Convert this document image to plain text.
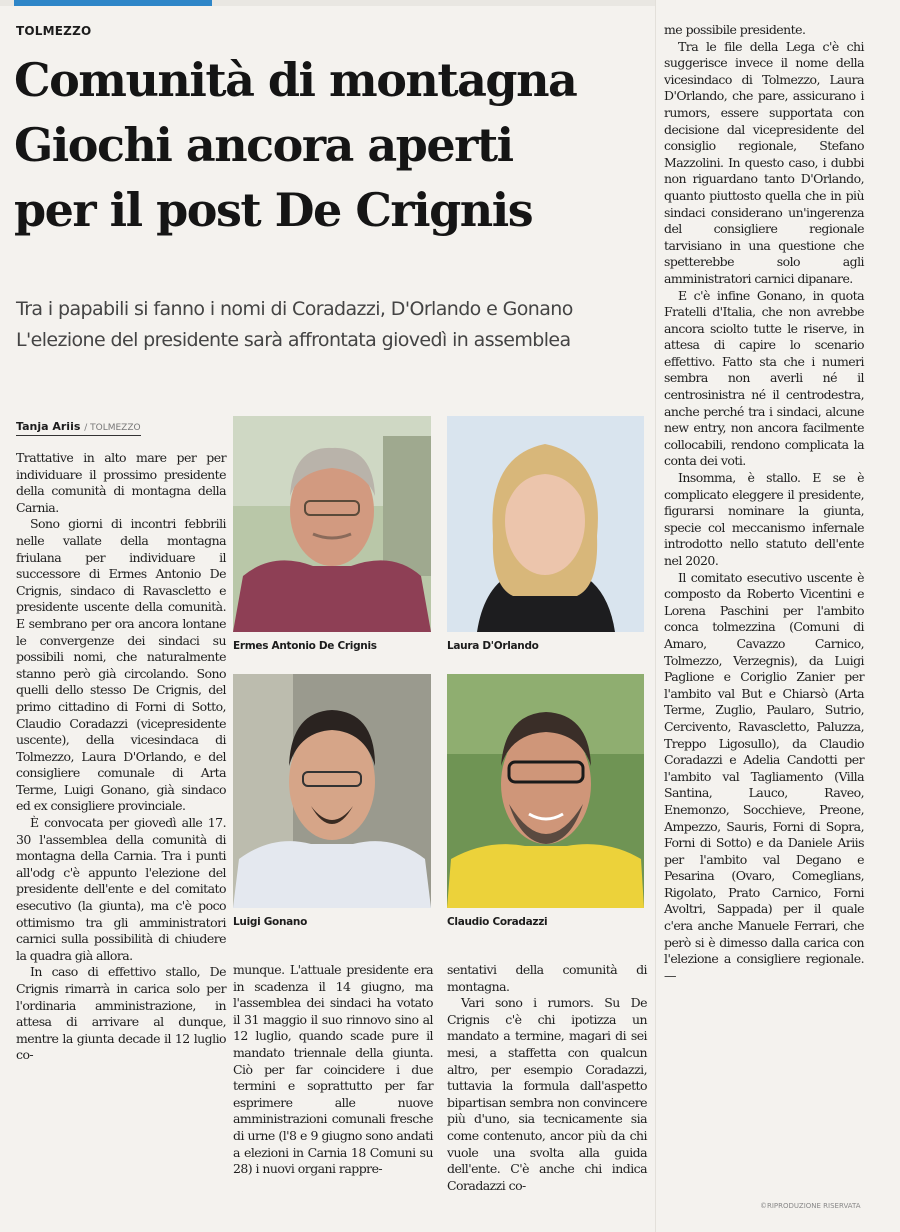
TOLMEZZO
Comunità di montagna
Giochi ancora aperti
per il post De Crignis
Tra i papabili si fanno i nomi di Coradazzi, D'Orlando e Gonano
L'elezione del presidente sarà affrontata giovedì in assemblea
Tanja Ariis / TOLMEZZO

Trattative in alto mare per per individuare il prossimo presidente della comunità di montagna della Carnia.

Sono giorni di incontri febbrili nelle vallate della montagna friulana per individuare il successore di Ermes Antonio De Crignis, sindaco di Ravascletto e presidente uscente della comunità. E sembrano per ora ancora lontane le convergenze dei sindaci su possibili nomi, che naturalmente stanno però già circolando. Sono quelli dello stesso De Crignis, del primo cittadino di Forni di Sotto, Claudio Coradazzi (vicepresidente uscente), della vicesindaca di Tolmezzo, Laura D'Orlando, e del consigliere comunale di Arta Terme, Luigi Gonano, già sindaco ed ex consigliere provinciale.

È convocata per giovedì alle 17. 30 l'assemblea della comunità di montagna della Carnia. Tra i punti all'odg c'è appunto l'elezione del presidente dell'ente e del comitato esecutivo (la giunta), ma c'è poco ottimismo tra gli amministratori carnici sulla possibilità di chiudere la quadra già allora.

In caso di effettivo stallo, De Crignis rimarrà in carica solo per l'ordinaria amministrazione, in attesa di arrivare al dunque, mentre la giunta decade il 12 luglio co-

Ermes Antonio De Crignis	Laura D'Orlando
Luigi Gonano	Claudio Coradazzi

munque. L'attuale presidente era in scadenza il 14 giugno, ma l'assemblea dei sindaci ha votato il 31 maggio il suo rinnovo sino al 12 luglio, quando scade pure il mandato triennale della giunta. Ciò per far coincidere i due termini e soprattutto per far esprimere alle nuove amministrazioni comunali fresche di urne (l'8 e 9 giugno sono andati a elezioni in Carnia 18 Comuni su 28) i nuovi organi rappre-

sentativi della comunità di montagna.

Vari sono i rumors. Su De Crignis c'è chi ipotizza un mandato a termine, magari di sei mesi, a staffetta con qualcun altro, per esempio Coradazzi, tuttavia la formula dall'aspetto bipartisan sembra non convincere più d'uno, sia tecnicamente sia come contenuto, ancor più da chi vuole una svolta alla guida dell'ente. C'è anche chi indica Coradazzi co-

me possibile presidente.

Tra le file della Lega c'è chi suggerisce invece il nome della vicesindaco di Tolmezzo, Laura D'Orlando, che pare, assicurano i rumors, essere supportata con decisione dal vicepresidente del consiglio regionale, Stefano Mazzolini. In questo caso, i dubbi non riguardano tanto D'Orlando, quanto piuttosto quella che in più sindaci considerano un'ingerenza del consigliere regionale tarvisiano in una questione che spetterebbe solo agli amministratori carnici dipanare.

E c'è infine Gonano, in quota Fratelli d'Italia, che non avrebbe ancora sciolto tutte le riserve, in attesa di capire lo scenario effettivo. Fatto sta che i numeri sembra non averli né il centrosinistra né il centrodestra, anche perché tra i sindaci, alcune new entry, non ancora facilmente collocabili, rendono complicata la conta dei voti.

Insomma, è stallo. E se è complicato eleggere il presidente, figurarsi nominare la giunta, specie col meccanismo infernale introdotto nello statuto dell'ente nel 2020.

Il comitato esecutivo uscente è composto da Roberto Vicentini e Lorena Paschini per l'ambito conca tolmezzina (Comuni di Amaro, Cavazzo Carnico, Tolmezzo, Verzegnis), da Luigi Paglione e Coriglio Zanier per l'ambito val But e Chiarsò (Arta Terme, Zuglio, Paularo, Sutrio, Cercivento, Ravascletto, Paluzza, Treppo Ligosullo), da Claudio Coradazzi e Adelia Candotti per l'ambito val Tagliamento (Villa Santina, Lauco, Raveo, Enemonzo, Socchieve, Preone, Ampezzo, Sauris, Forni di Sopra, Forni di Sotto) e da Daniele Ariis per l'ambito val Degano e Pesarina (Ovaro, Comeglians, Rigolato, Prato Carnico, Forni Avoltri, Sappada) per il quale c'era anche Manuele Ferrari, che però si è dimesso dalla carica con l'elezione a consigliere regionale. —

©RIPRODUZIONE RISERVATA
